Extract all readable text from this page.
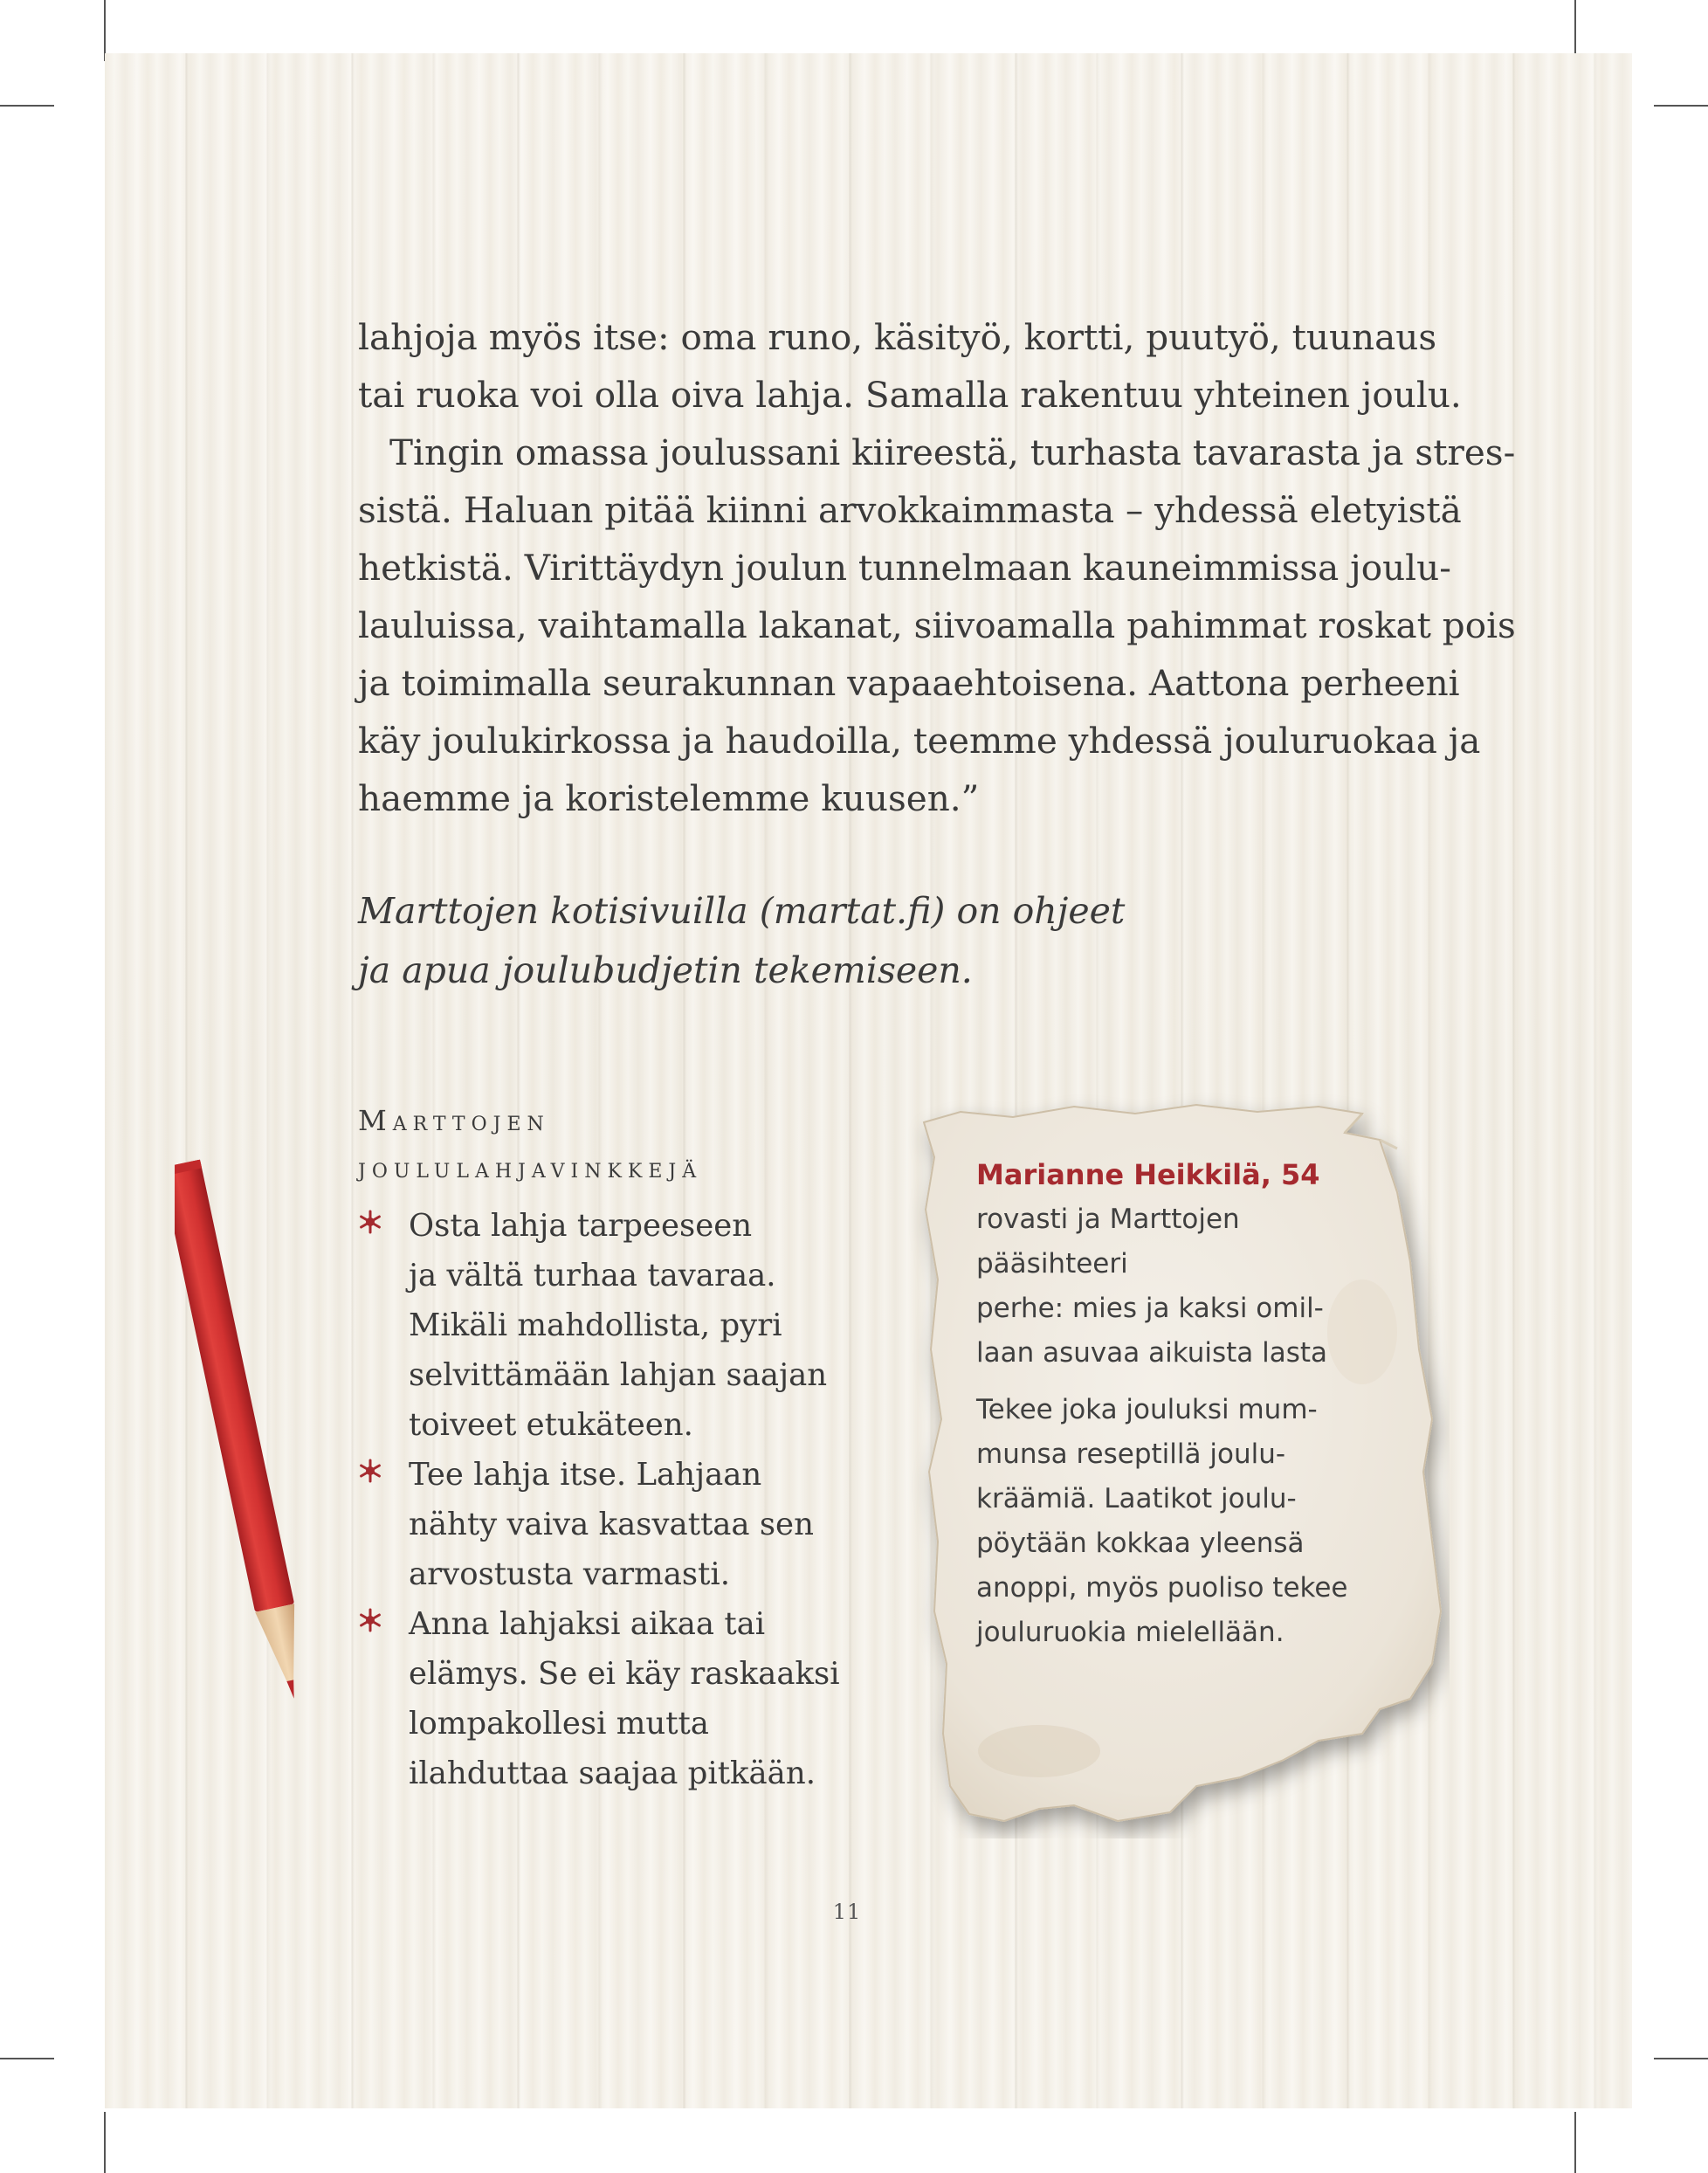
lahjoja myös itse: oma runo, käsityö, kortti, puutyö, tuunaus
tai ruoka voi olla oiva lahja. Samalla rakentuu yhteinen joulu.
Tingin omassa joulussani kiireestä, turhasta tavarasta ja stres-
sistä. Haluan pitää kiinni arvokkaimmasta – yhdessä eletyistä
hetkistä. Virittäydyn joulun tunnelmaan kauneimmissa joulu-
lauluissa, vaihtamalla lakanat, siivoamalla pahimmat roskat pois
ja toimimalla seurakunnan vapaaehtoisena. Aattona perheeni
käy joulukirkossa ja haudoilla, teemme yhdessä jouluruokaa ja
haemme ja koristelemme kuusen.”

Marttojen kotisivuilla (martat.fi) on ohjeet
ja apua joulubudjetin tekemiseen.

Marttojen
joululahjavinkkejä
Osta lahja tarpeeseen
ja vältä turhaa tavaraa.
Mikäli mahdollista, pyri
selvittämään lahjan saajan
toiveet etukäteen.
Tee lahja itse. Lahjaan
nähty vaiva kasvattaa sen
arvostusta varmasti.
Anna lahjaksi aikaa tai
elämys. Se ei käy raskaaksi
lompakollesi mutta
ilahduttaa saajaa pitkään.
Marianne Heikkilä, 54
rovasti ja Marttojen
pääsihteeri
perhe: mies ja kaksi omil-
laan asuvaa aikuista lasta
Tekee joka jouluksi mum-
munsa reseptillä joulu-
kräämiä. Laatikot joulu-
pöytään kokkaa yleensä
anoppi, myös puoliso tekee
jouluruokia mielellään.
11
